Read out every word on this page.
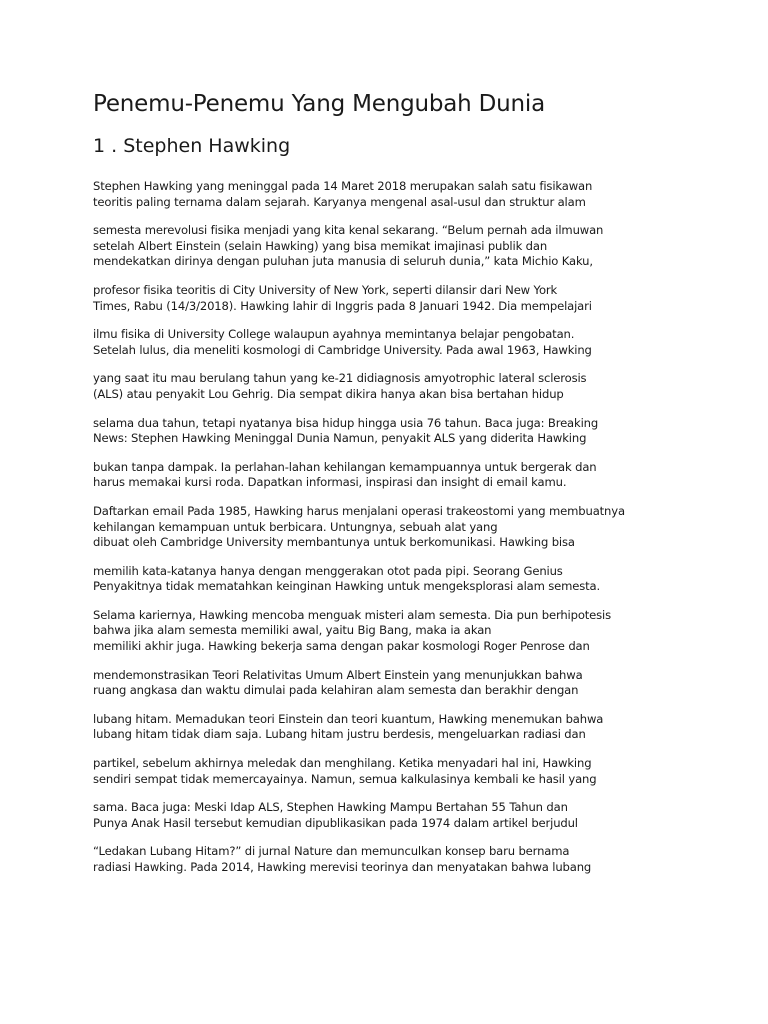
Penemu-Penemu Yang Mengubah Dunia
1 . Stephen Hawking
Stephen Hawking yang meninggal pada 14 Maret 2018 merupakan salah satu fisikawan
teoritis paling ternama dalam sejarah. Karyanya mengenal asal-usul dan struktur alam
semesta merevolusi fisika menjadi yang kita kenal sekarang. “Belum pernah ada ilmuwan
setelah Albert Einstein (selain Hawking) yang bisa memikat imajinasi publik dan
mendekatkan dirinya dengan puluhan juta manusia di seluruh dunia,” kata Michio Kaku,
profesor fisika teoritis di City University of New York, seperti dilansir dari New York
Times, Rabu (14/3/2018). Hawking lahir di Inggris pada 8 Januari 1942. Dia mempelajari
ilmu fisika di University College walaupun ayahnya memintanya belajar pengobatan.
Setelah lulus, dia meneliti kosmologi di Cambridge University. Pada awal 1963, Hawking
yang saat itu mau berulang tahun yang ke-21 didiagnosis amyotrophic lateral sclerosis
(ALS) atau penyakit Lou Gehrig. Dia sempat dikira hanya akan bisa bertahan hidup
selama dua tahun, tetapi nyatanya bisa hidup hingga usia 76 tahun. Baca juga: Breaking
News: Stephen Hawking Meninggal Dunia Namun, penyakit ALS yang diderita Hawking
bukan tanpa dampak. Ia perlahan-lahan kehilangan kemampuannya untuk bergerak dan
harus memakai kursi roda. Dapatkan informasi, inspirasi dan insight di email kamu.
Daftarkan email Pada 1985, Hawking harus menjalani operasi trakeostomi yang membuatnya
kehilangan kemampuan untuk berbicara. Untungnya, sebuah alat yang
dibuat oleh Cambridge University membantunya untuk berkomunikasi. Hawking bisa
memilih kata-katanya hanya dengan menggerakan otot pada pipi. Seorang Genius
Penyakitnya tidak mematahkan keinginan Hawking untuk mengeksplorasi alam semesta.
Selama kariernya, Hawking mencoba menguak misteri alam semesta. Dia pun berhipotesis
bahwa jika alam semesta memiliki awal, yaitu Big Bang, maka ia akan
memiliki akhir juga. Hawking bekerja sama dengan pakar kosmologi Roger Penrose dan
mendemonstrasikan Teori Relativitas Umum Albert Einstein yang menunjukkan bahwa
ruang angkasa dan waktu dimulai pada kelahiran alam semesta dan berakhir dengan
lubang hitam. Memadukan teori Einstein dan teori kuantum, Hawking menemukan bahwa
lubang hitam tidak diam saja. Lubang hitam justru berdesis, mengeluarkan radiasi dan
partikel, sebelum akhirnya meledak dan menghilang. Ketika menyadari hal ini, Hawking
sendiri sempat tidak memercayainya. Namun, semua kalkulasinya kembali ke hasil yang
sama. Baca juga: Meski Idap ALS, Stephen Hawking Mampu Bertahan 55 Tahun dan
Punya Anak Hasil tersebut kemudian dipublikasikan pada 1974 dalam artikel berjudul
“Ledakan Lubang Hitam?” di jurnal Nature dan memunculkan konsep baru bernama
radiasi Hawking. Pada 2014, Hawking merevisi teorinya dan menyatakan bahwa lubang
